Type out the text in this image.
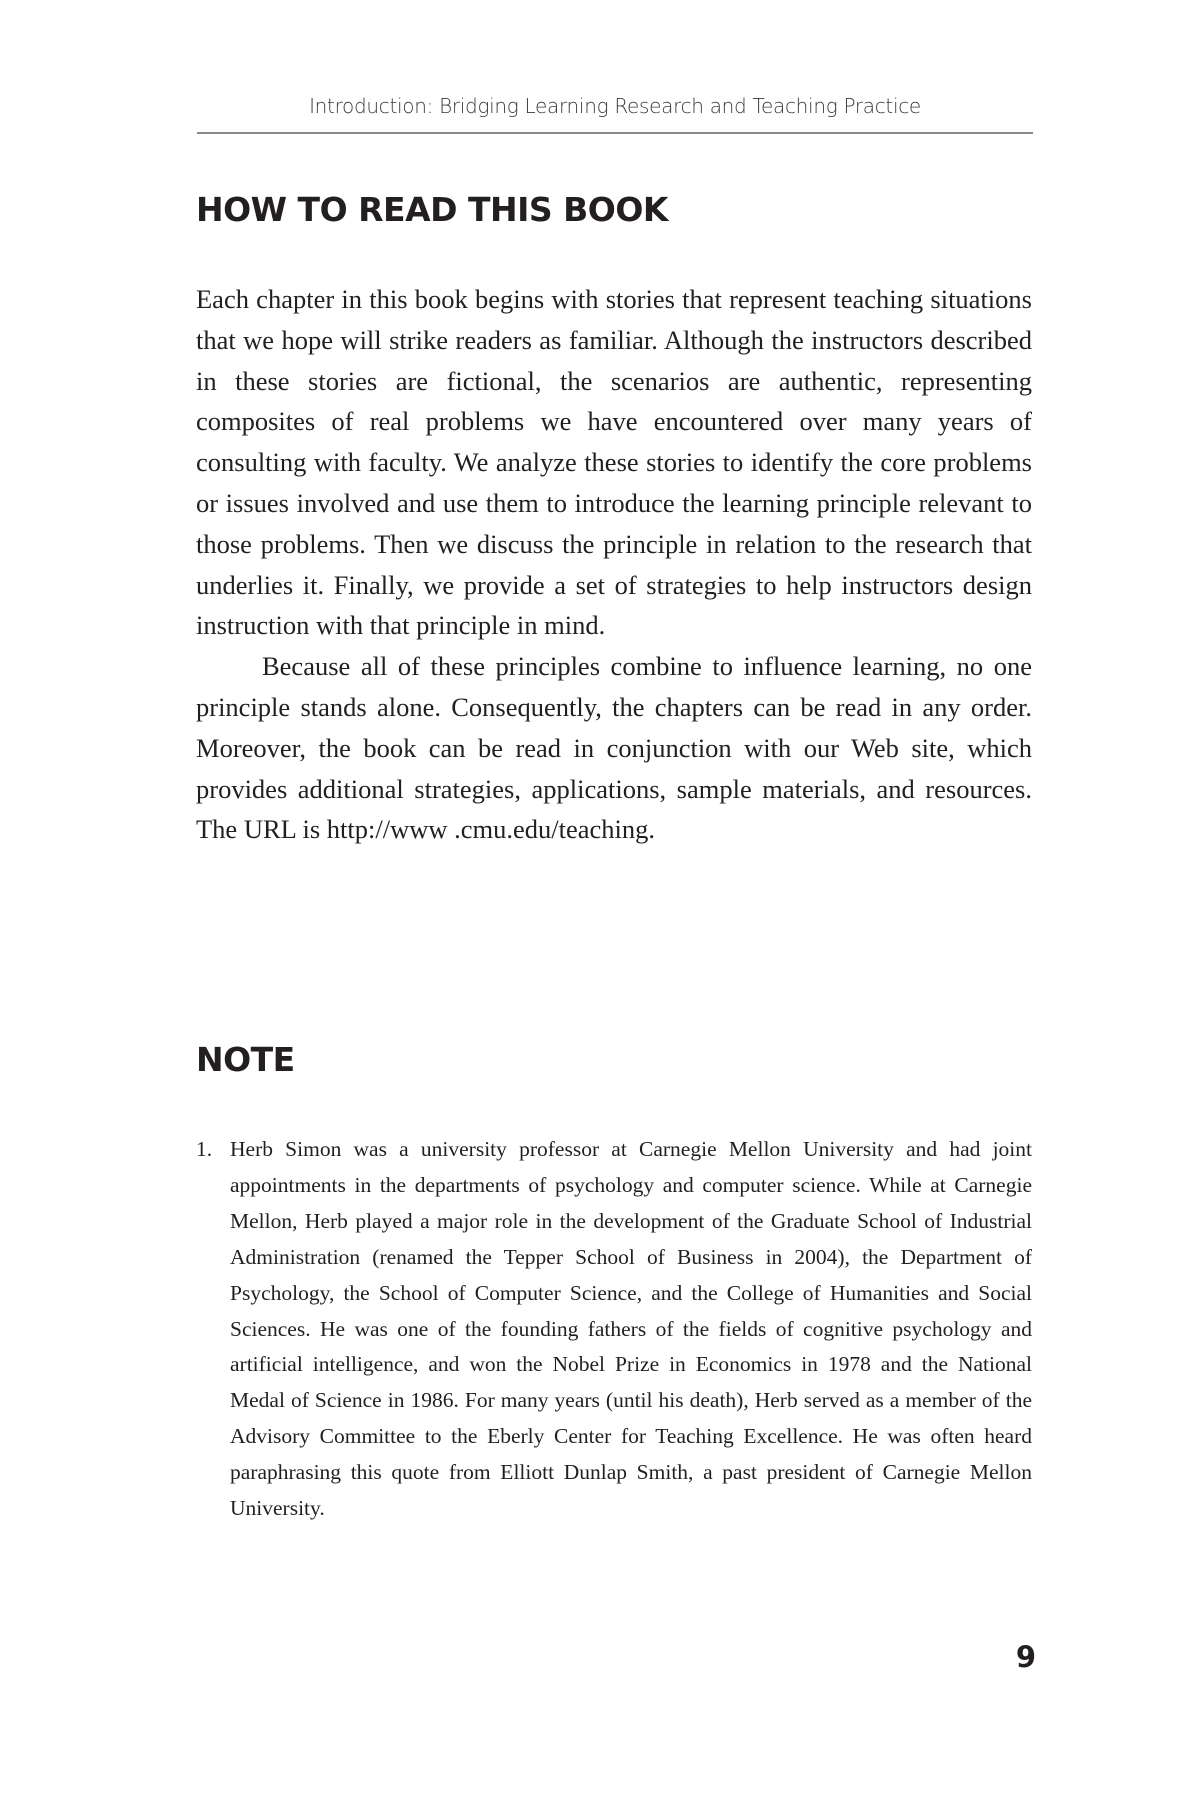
Introduction: Bridging Learning Research and Teaching Practice
HOW TO READ THIS BOOK

Each chapter in this book begins with stories that represent teaching situations that we hope will strike readers as familiar. Although the instructors described in these stories are fictional, the scenarios are authentic, representing composites of real problems we have encountered over many years of consulting with faculty. We analyze these stories to identify the core problems or issues involved and use them to introduce the learning principle relevant to those problems. Then we discuss the principle in relation to the research that underlies it. Finally, we provide a set of strategies to help instructors design instruction with that principle in mind.

Because all of these principles combine to influence learning, no one principle stands alone. Consequently, the chapters can be read in any order. Moreover, the book can be read in conjunction with our Web site, which provides additional strategies, applications, sample materials, and resources. The URL is http://www .cmu.edu/teaching.

NOTE
1. Herb Simon was a university professor at Carnegie Mellon University and had joint appointments in the departments of psychology and computer science. While at Carnegie Mellon, Herb played a major role in the development of the Graduate School of Industrial Administration (renamed the Tepper School of Business in 2004), the Department of Psychology, the School of Computer Science, and the College of Humanities and Social Sciences. He was one of the founding fathers of the fields of cognitive psychology and artificial intelligence, and won the Nobel Prize in Economics in 1978 and the National Medal of Science in 1986. For many years (until his death), Herb served as a member of the Advisory Committee to the Eberly Center for Teaching Excellence. He was often heard paraphrasing this quote from Elliott Dunlap Smith, a past president of Carnegie Mellon University.
9
